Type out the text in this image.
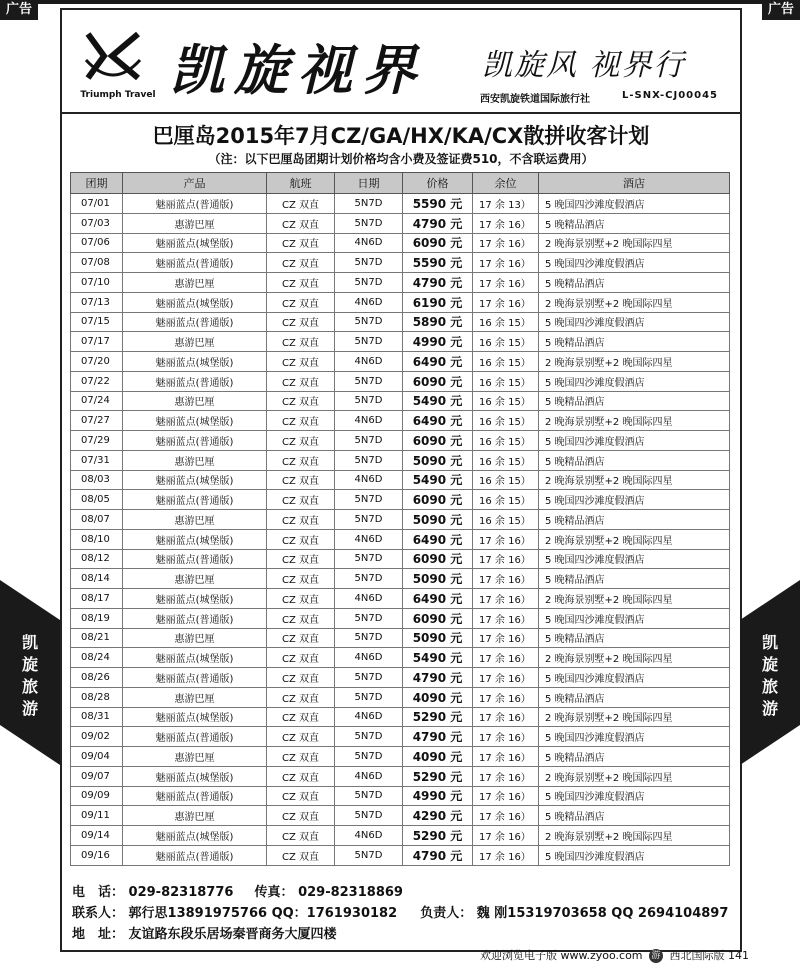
广告	广告
Triumph Travel 凯旋视界 凯旋风 视界行
西安凯旋铁道国际旅行社	L-SNX-CJ00045
巴厘岛2015年7月CZ/GA/HX/KA/CX散拼收客计划
（注：以下巴厘岛团期计划价格均含小费及签证费510，不含联运费用）
团期	产品	航班	日期	价格	余位	酒店
07/01	魅丽蓝点(普通版)	CZ 双直	5N7D	5590 元	17 余 13）	5 晚国四沙滩度假酒店
07/03	惠游巴厘	CZ 双直	5N7D	4790 元	17 余 16）	5 晚精品酒店
07/06	魅丽蓝点(城堡版)	CZ 双直	4N6D	6090 元	17 余 16）	2 晚海景别墅+2 晚国际四星
07/08	魅丽蓝点(普通版)	CZ 双直	5N7D	5590 元	17 余 16）	5 晚国四沙滩度假酒店
07/10	惠游巴厘	CZ 双直	5N7D	4790 元	17 余 16）	5 晚精品酒店
07/13	魅丽蓝点(城堡版)	CZ 双直	4N6D	6190 元	17 余 16）	2 晚海景别墅+2 晚国际四星
07/15	魅丽蓝点(普通版)	CZ 双直	5N7D	5890 元	16 余 15）	5 晚国四沙滩度假酒店
07/17	惠游巴厘	CZ 双直	5N7D	4990 元	16 余 15）	5 晚精品酒店
07/20	魅丽蓝点(城堡版)	CZ 双直	4N6D	6490 元	16 余 15）	2 晚海景别墅+2 晚国际四星
07/22	魅丽蓝点(普通版)	CZ 双直	5N7D	6090 元	16 余 15）	5 晚国四沙滩度假酒店
07/24	惠游巴厘	CZ 双直	5N7D	5490 元	16 余 15）	5 晚精品酒店
07/27	魅丽蓝点(城堡版)	CZ 双直	4N6D	6490 元	16 余 15）	2 晚海景别墅+2 晚国际四星
07/29	魅丽蓝点(普通版)	CZ 双直	5N7D	6090 元	16 余 15）	5 晚国四沙滩度假酒店
07/31	惠游巴厘	CZ 双直	5N7D	5090 元	16 余 15）	5 晚精品酒店
08/03	魅丽蓝点(城堡版)	CZ 双直	4N6D	5490 元	16 余 15）	2 晚海景别墅+2 晚国际四星
08/05	魅丽蓝点(普通版)	CZ 双直	5N7D	6090 元	16 余 15）	5 晚国四沙滩度假酒店
08/07	惠游巴厘	CZ 双直	5N7D	5090 元	16 余 15）	5 晚精品酒店
08/10	魅丽蓝点(城堡版)	CZ 双直	4N6D	6490 元	17 余 16）	2 晚海景别墅+2 晚国际四星
08/12	魅丽蓝点(普通版)	CZ 双直	5N7D	6090 元	17 余 16）	5 晚国四沙滩度假酒店
08/14	惠游巴厘	CZ 双直	5N7D	5090 元	17 余 16）	5 晚精品酒店
08/17	魅丽蓝点(城堡版)	CZ 双直	4N6D	6490 元	17 余 16）	2 晚海景别墅+2 晚国际四星
08/19	魅丽蓝点(普通版)	CZ 双直	5N7D	6090 元	17 余 16）	5 晚国四沙滩度假酒店
08/21	惠游巴厘	CZ 双直	5N7D	5090 元	17 余 16）	5 晚精品酒店
08/24	魅丽蓝点(城堡版)	CZ 双直	4N6D	5490 元	17 余 16）	2 晚海景别墅+2 晚国际四星
08/26	魅丽蓝点(普通版)	CZ 双直	5N7D	4790 元	17 余 16）	5 晚国四沙滩度假酒店
08/28	惠游巴厘	CZ 双直	5N7D	4090 元	17 余 16）	5 晚精品酒店
08/31	魅丽蓝点(城堡版)	CZ 双直	4N6D	5290 元	17 余 16）	2 晚海景别墅+2 晚国际四星
09/02	魅丽蓝点(普通版)	CZ 双直	5N7D	4790 元	17 余 16）	5 晚国四沙滩度假酒店
09/04	惠游巴厘	CZ 双直	5N7D	4090 元	17 余 16）	5 晚精品酒店
09/07	魅丽蓝点(城堡版)	CZ 双直	4N6D	5290 元	17 余 16）	2 晚海景别墅+2 晚国际四星
09/09	魅丽蓝点(普通版)	CZ 双直	5N7D	4990 元	17 余 16）	5 晚国四沙滩度假酒店
09/11	惠游巴厘	CZ 双直	5N7D	4290 元	17 余 16）	5 晚精品酒店
09/14	魅丽蓝点(城堡版)	CZ 双直	4N6D	5290 元	17 余 16）	2 晚海景别墅+2 晚国际四星
09/16	魅丽蓝点(普通版)	CZ 双直	5N7D	4790 元	17 余 16）	5 晚国四沙滩度假酒店
电　话： 029-82318776 传真： 029-82318869
联系人： 郭行思13891975766 QQ：1761930182 负责人： 魏 刚15319703658 QQ 2694104897
地　址： 友谊路东段乐居场秦晋商务大厦四楼
凯
旋
旅
游
凯
旋
旅
游
欢迎浏览电子版 www.zyoo.com 游 西北国际版 141
